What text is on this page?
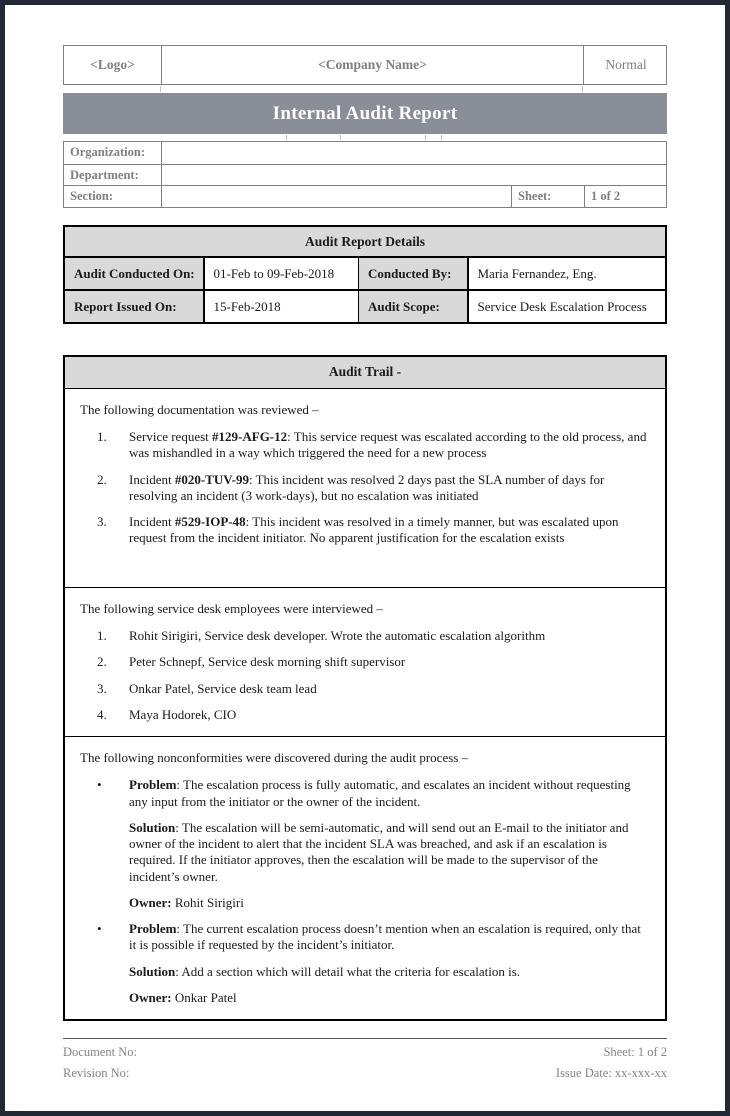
<Logo>	<Company Name>	Normal
Internal Audit Report
Organization:
Department:
Section:	Sheet:	1 of 2
Audit Report Details
Audit Conducted On:	01-Feb to 09-Feb-2018	Conducted By:	Maria Fernandez, Eng.
Report Issued On:	15-Feb-2018	Audit Scope:	Service Desk Escalation Process
Audit Trail -

The following documentation was reviewed –

1.	Service request #129-AFG-12: This service request was escalated according to the old process, and was mishandled in a way which triggered the need for a new process

2.	Incident #020-TUV-99: This incident was resolved 2 days past the SLA number of days for resolving an incident (3 work-days), but no escalation was initiated

3.	Incident #529-IOP-48: This incident was resolved in a timely manner, but was escalated upon request from the incident initiator. No apparent justification for the escalation exists

The following service desk employees were interviewed –

1.	Rohit Sirigiri, Service desk developer. Wrote the automatic escalation algorithm

2.	Peter Schnepf, Service desk morning shift supervisor

3.	Onkar Patel, Service desk team lead

4.	Maya Hodorek, CIO

The following nonconformities were discovered during the audit process –

•	Problem: The escalation process is fully automatic, and escalates an incident without requesting any input from the initiator or the owner of the incident.

Solution: The escalation will be semi-automatic, and will send out an E-mail to the initiator and owner of the incident to alert that the incident SLA was breached, and ask if an escalation is required. If the initiator approves, then the escalation will be made to the supervisor of the incident’s owner.

Owner: Rohit Sirigiri

•	Problem: The current escalation process doesn’t mention when an escalation is required, only that it is possible if requested by the incident’s initiator.

Solution: Add a section which will detail what the criteria for escalation is.

Owner: Onkar Patel

Document No:
Revision No:
Sheet: 1 of 2
Issue Date: xx-xxx-xx
